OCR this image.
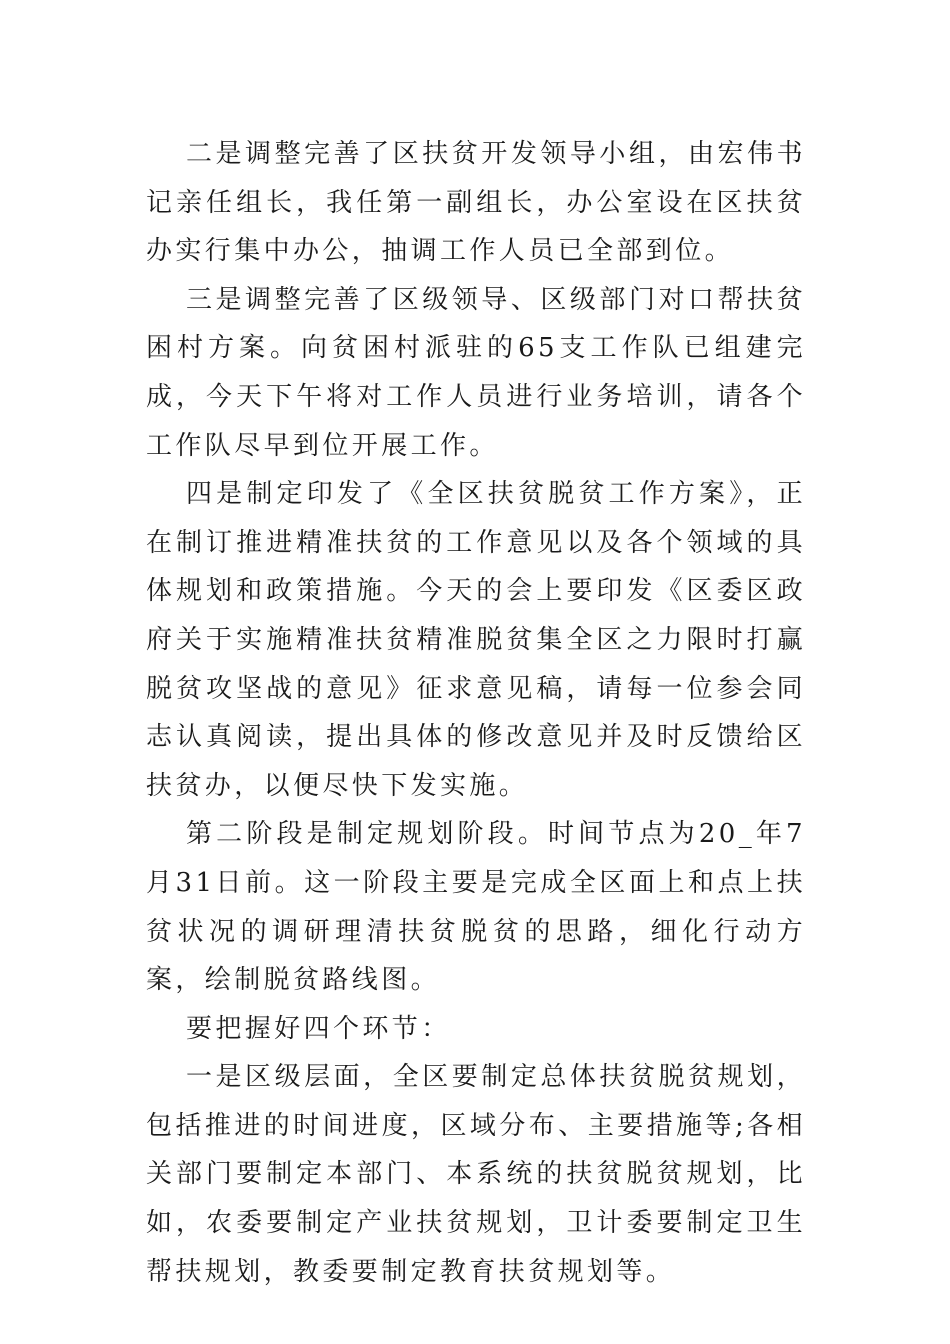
二是调整完善了区扶贫开发领导小组，由宏伟书记亲任组长，我任第一副组长，办公室设在区扶贫办实行集中办公，抽调工作人员已全部到位。

三是调整完善了区级领导、区级部门对口帮扶贫困村方案。向贫困村派驻的65支工作队已组建完成，今天下午将对工作人员进行业务培训，请各个工作队尽早到位开展工作。

四是制定印发了《全区扶贫脱贫工作方案》，正在制订推进精准扶贫的工作意见以及各个领域的具体规划和政策措施。今天的会上要印发《区委区政府关于实施精准扶贫精准脱贫集全区之力限时打赢脱贫攻坚战的意见》征求意见稿，请每一位参会同志认真阅读，提出具体的修改意见并及时反馈给区扶贫办，以便尽快下发实施。

第二阶段是制定规划阶段。时间节点为20_年7月31日前。这一阶段主要是完成全区面上和点上扶贫状况的调研理清扶贫脱贫的思路，细化行动方案，绘制脱贫路线图。

要把握好四个环节：

一是区级层面，全区要制定总体扶贫脱贫规划，包括推进的时间进度，区域分布、主要措施等;各相关部门要制定本部门、本系统的扶贫脱贫规划，比如，农委要制定产业扶贫规划，卫计委要制定卫生帮扶规划，教委要制定教育扶贫规划等。
